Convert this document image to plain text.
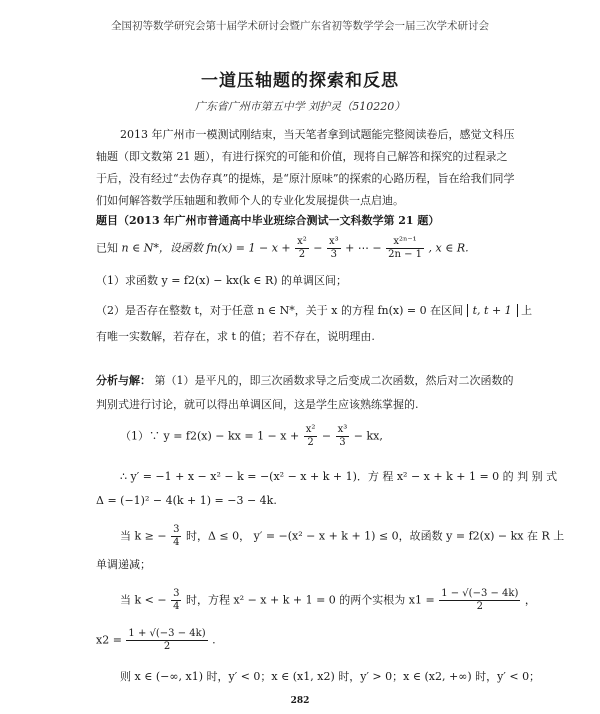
全国初等数学研究会第十届学术研讨会暨广东省初等数学学会一届三次学术研讨会
一道压轴题的探索和反思
广东省广州市第五中学 刘护灵（510220）

2013 年广州市一模测试刚结束，当天笔者拿到试题能完整阅读卷后，感觉文科压轴题（即文数第 21 题），有进行探究的可能和价值，现将自己解答和探究的过程录之于后，没有经过“去伪存真”的提炼，是“原汁原味”的探索的心路历程，旨在给我们同学们如何解答数学压轴题和教师个人的专业化发展提供一点启迪。

题目（2013 年广州市普通高中毕业班综合测试一文科数学第 21 题）
已知 n ∈ N*，设函数 $fn(x) = 1 - x + \frac{\text{x²}}{2} - \frac{\text{x³}}{3}$ + ⋯ − $\frac{\text{x²ⁿ⁻¹}}{2n - 1}$ , x ∈ R.
（1）求函数 y = f2(x) − kx(k ∈ R) 的单调区间；
（2）是否存在整数 t，对于任意 n ∈ N*，关于 x 的方程 fn(x) = 0 在区间 t, t + 1 上
有唯一实数解，若存在，求 t 的值；若不存在，说明理由.
分析与解： 第（1）是平凡的，即三次函数求导之后变成二次函数，然后对二次函数的
判别式进行讨论，就可以得出单调区间，这是学生应该熟练掌握的.
（1）∵ y = f2(x) − kx = $1 - x + \frac{\text{x²}}{2} - \frac{\text{x³}}{3}$ − kx,
∴ y′ = −1 + x − x² − k = −(x² − x + k + 1)．方 程 x² − x + k + 1 = 0 的 判 别 式
Δ = (−1)² − 4(k + 1) = −3 − 4k.
当 k ≥ − $\frac{3}{4}$ 时，Δ ≤ 0， y′ = −(x² − x + k + 1) ≤ 0，故函数 y = f2(x) − kx 在 R 上
单调递减；
当 k < − $\frac{3}{4}$ 时，方程 x² − x + k + 1 = 0 的两个实根为 $x1 = \frac{1 - √(-3 - 4k)}{2}$ ，
$x2 = \frac{1 + √(-3 - 4k)}{2}$ .
则 x ∈ (−∞, x1) 时，y′ < 0；x ∈ (x1, x2) 时，y′ > 0；x ∈ (x2, +∞) 时，y′ < 0；
282
